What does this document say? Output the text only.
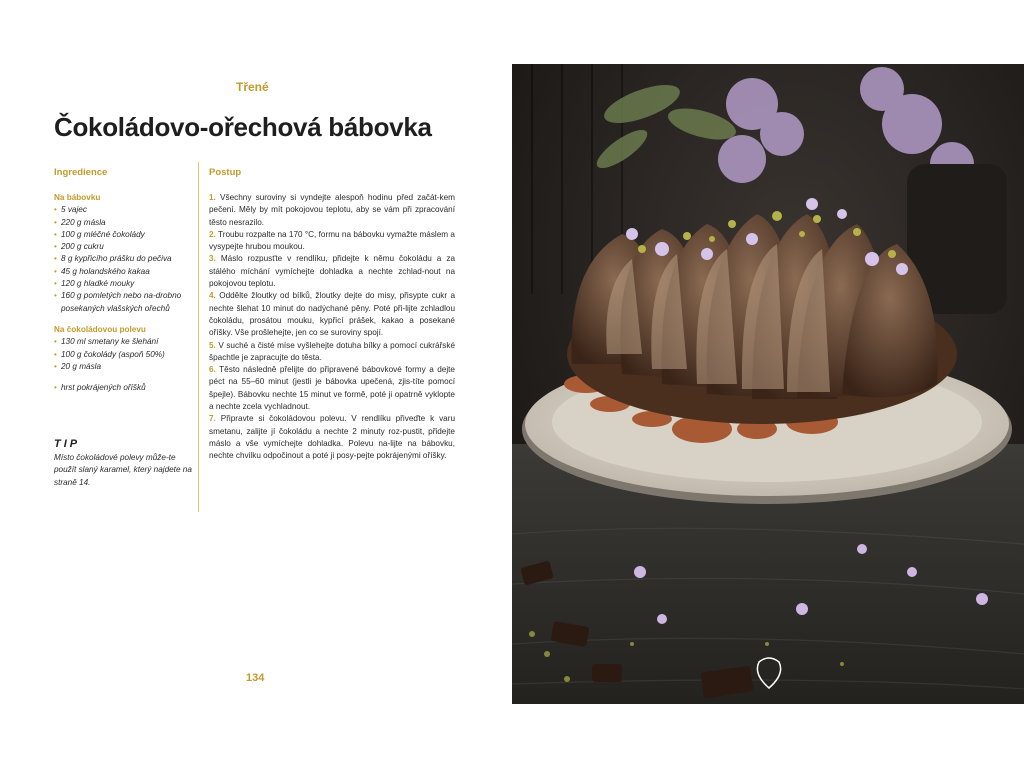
Třené
Čokoládovo-ořechová bábovka
Ingredience	Postup

Na bábovku

• 5 vajec
• 220 g másla
• 100 g mléčné čokolády
• 200 g cukru
• 8 g kypřicího prášku do pečiva
• 45 g holandského kakaa
• 120 g hladké mouky
• 160 g pomletých nebo na-drobno posekaných vlašských ořechů

Na čokoládovou polevu

• 130 ml smetany ke šlehání
• 100 g čokolády (aspoň 50%)
• 20 g másla
• hrst pokrájených oříšků
TIP
Místo čokoládové polevy může-te použít slaný karamel, který najdete na straně 14.
1. Všechny suroviny si vyndejte alespoň hodinu před začát-kem pečení. Měly by mít pokojovou teplotu, aby se vám při zpracování těsto nesrazilo.
2. Troubu rozpalte na 170 °C, formu na bábovku vymažte máslem a vysypejte hrubou moukou.
3. Máslo rozpusťte v rendlíku, přidejte k němu čokoládu a za stálého míchání vymíchejte dohladka a nechte zchlad-nout na pokojovou teplotu.
4. Oddělte žloutky od bílků, žloutky dejte do misy, přisypte cukr a nechte šlehat 10 minut do nadýchané pěny. Poté při-lijte zchladlou čokoládu, prosátou mouku, kypřicí prášek, kakao a posekané oříšky. Vše prošlehejte, jen co se suroviny spojí.
5. V suché a čisté míse vyšlehejte dotuha bílky a pomocí cukrářské špachtle je zapracujte do těsta.
6. Těsto následně přelijte do připravené bábovkové formy a dejte péct na 55–60 minut (jestli je bábovka upečená, zjis-títe pomocí špejle). Bábovku nechte 15 minut ve formě, poté ji opatrně vyklopte a nechte zcela vychladnout.
7. Připravte si čokoládovou polevu. V rendlíku přiveďte k varu smetanu, zalijte jí čokoládu a nechte 2 minuty roz-pustit, přidejte máslo a vše vymíchejte dohladka. Polevu na-lijte na bábovku, nechte chvilku odpočinout a poté ji posy-pejte pokrájenými oříšky.
134
